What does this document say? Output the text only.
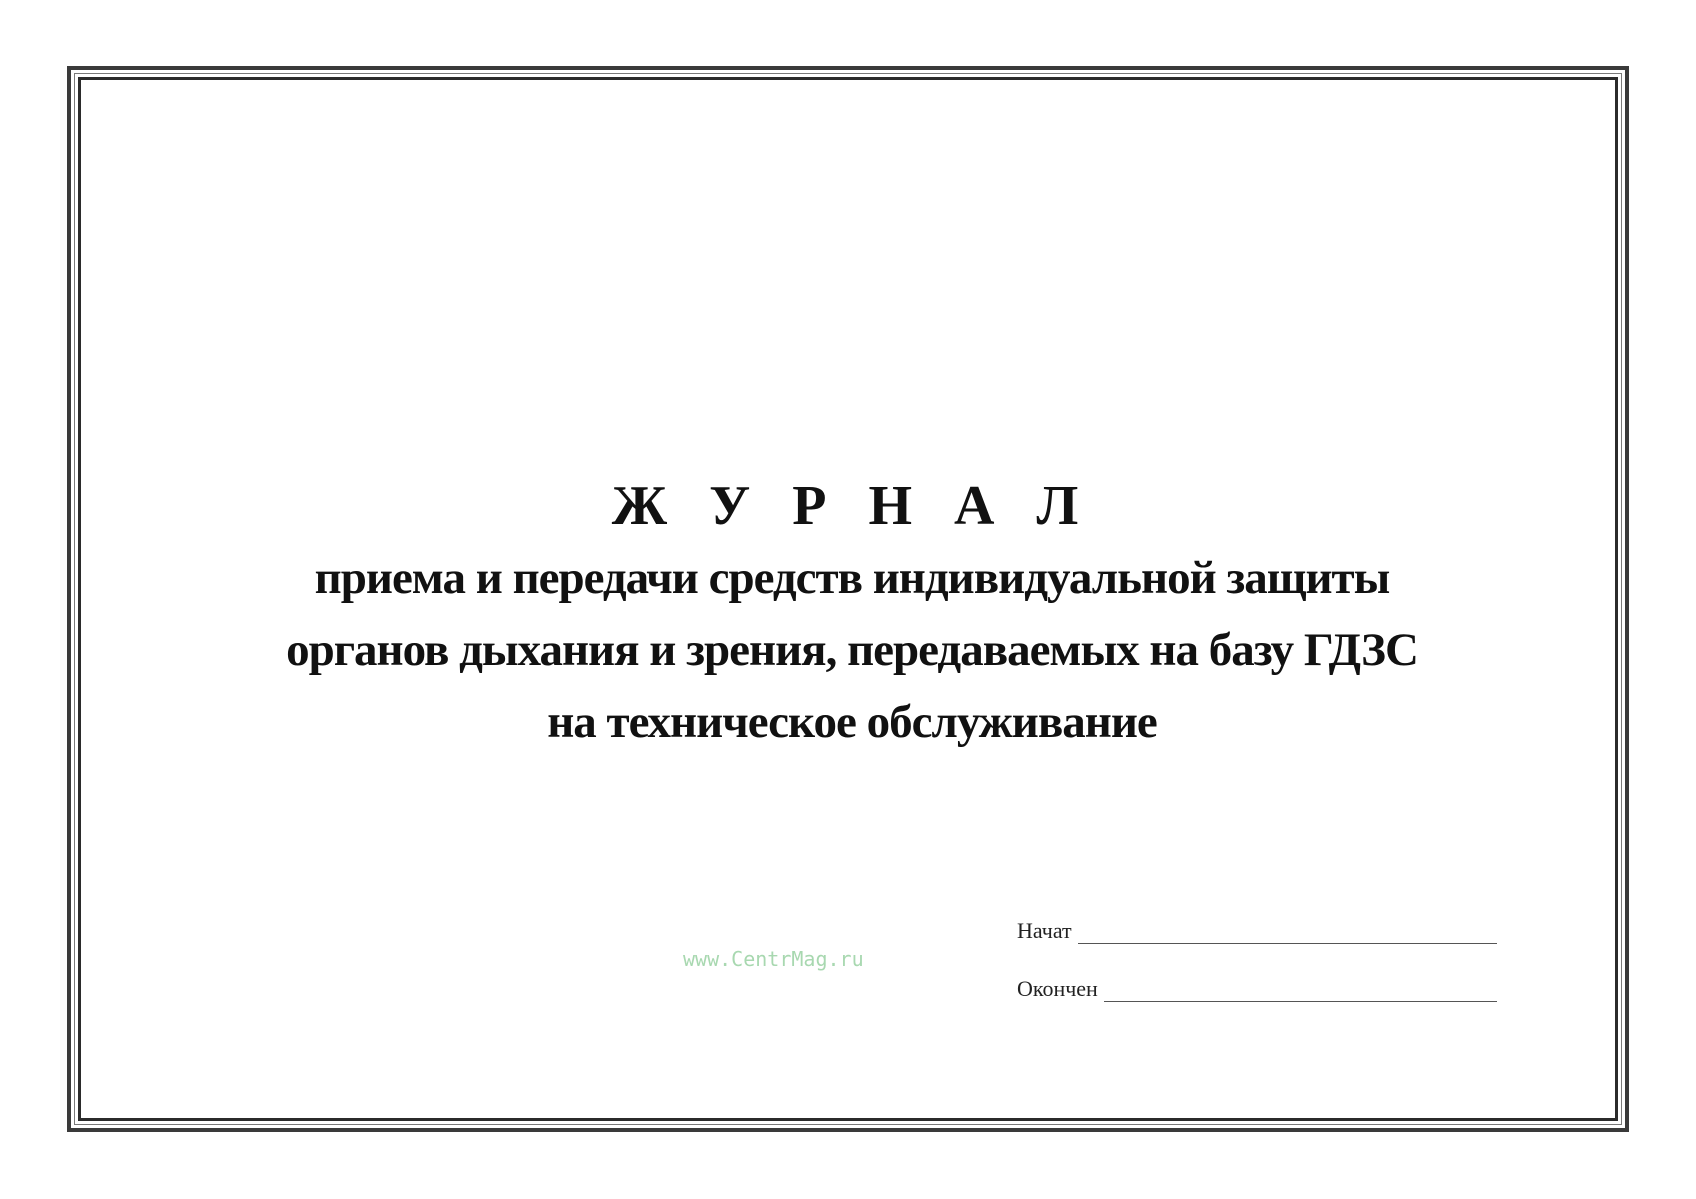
Ж У Р Н А Л

приема и передачи средств индивидуальной защиты

органов дыхания и зрения, передаваемых на базу ГДЗС

на техническое обслуживание

www.CentrMag.ru
Начат
Окончен
